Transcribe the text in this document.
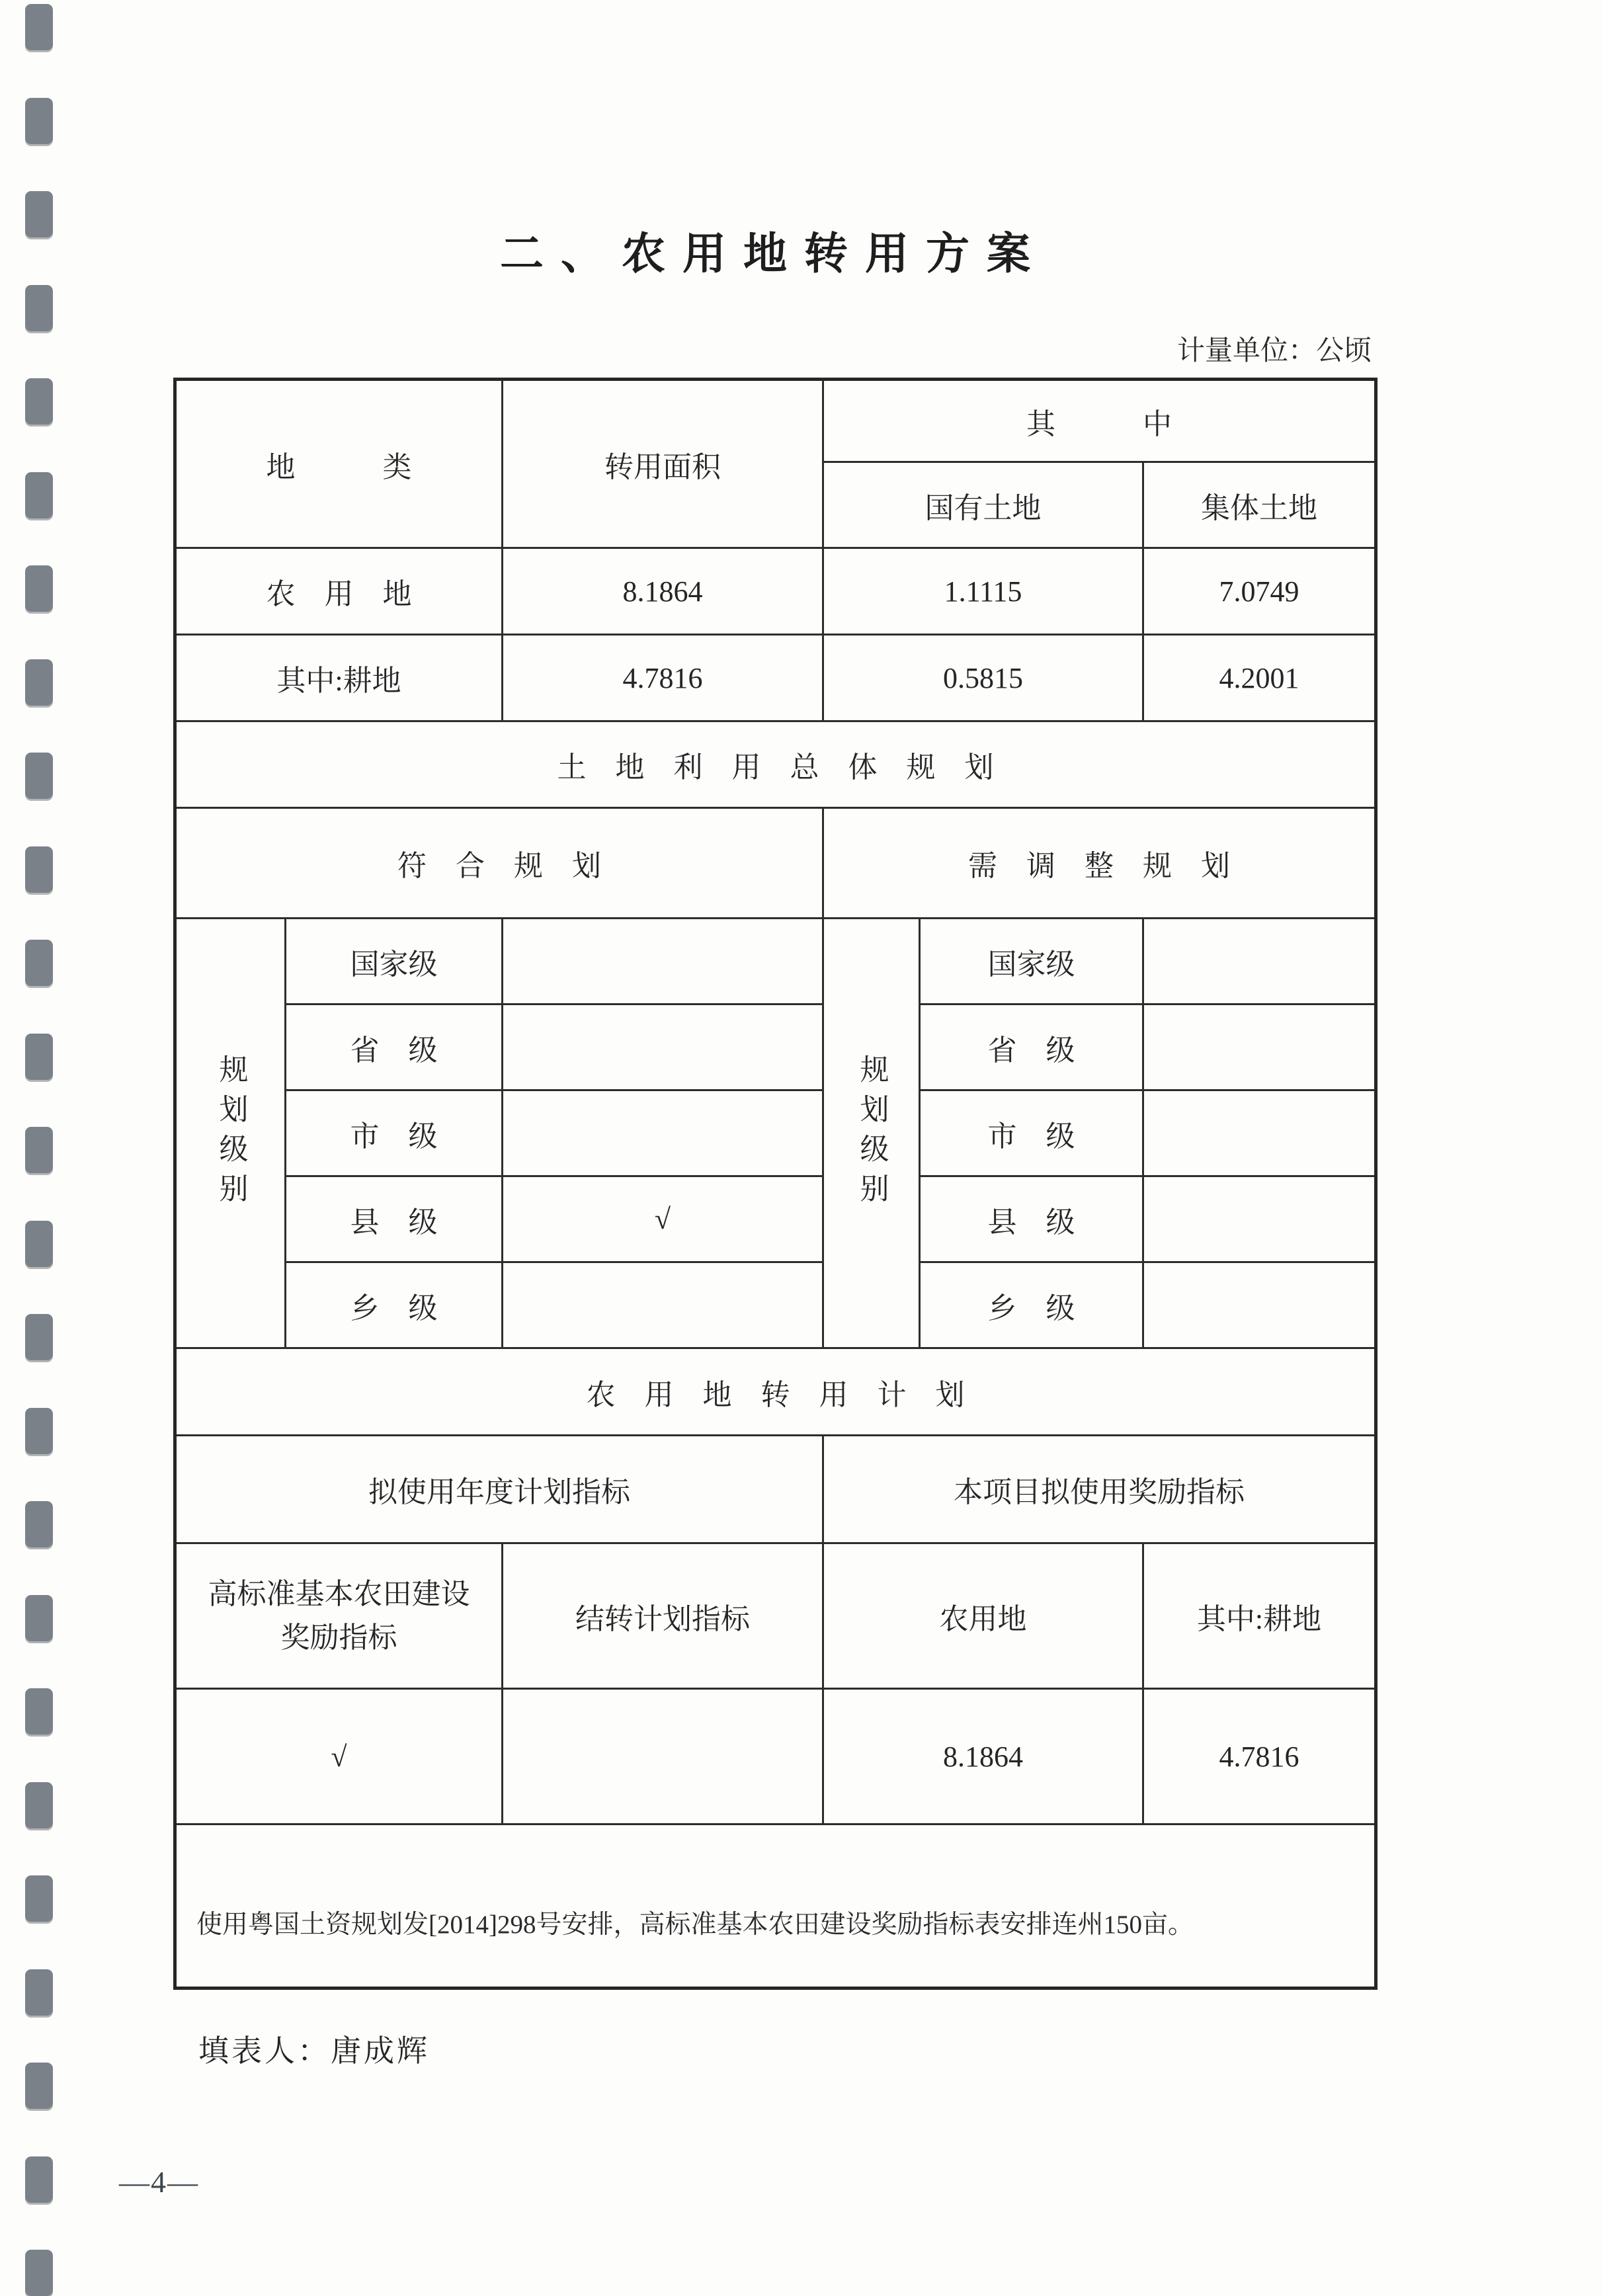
二、农用地转用方案
计量单位：公顷
地　　　类		转用面积	其　　　中		
			国有土地		集体土地
农　用　地		8.1864	1.1115		7.0749
其中:耕地		4.7816	0.5815		4.2001
土　地　利　用　总　体　规　划					
符　合　规　划			需　调　整　规　划		
规划级别	国家级		规划级别	国家级	
	省　级			省　级	
	市　级			市　级	
	县　级	√		县　级	
	乡　级			乡　级	
农　用　地　转　用　计　划					
拟使用年度计划指标			本项目拟使用奖励指标		

高标准基本农田建设奖励指标		结转计划指标	农用地		其中:耕地
√			8.1864		4.7816

使用粤国土资规划发[2014]298号安排，高标准基本农田建设奖励指标表安排连州150亩。					
填表人：唐成辉
—4—
